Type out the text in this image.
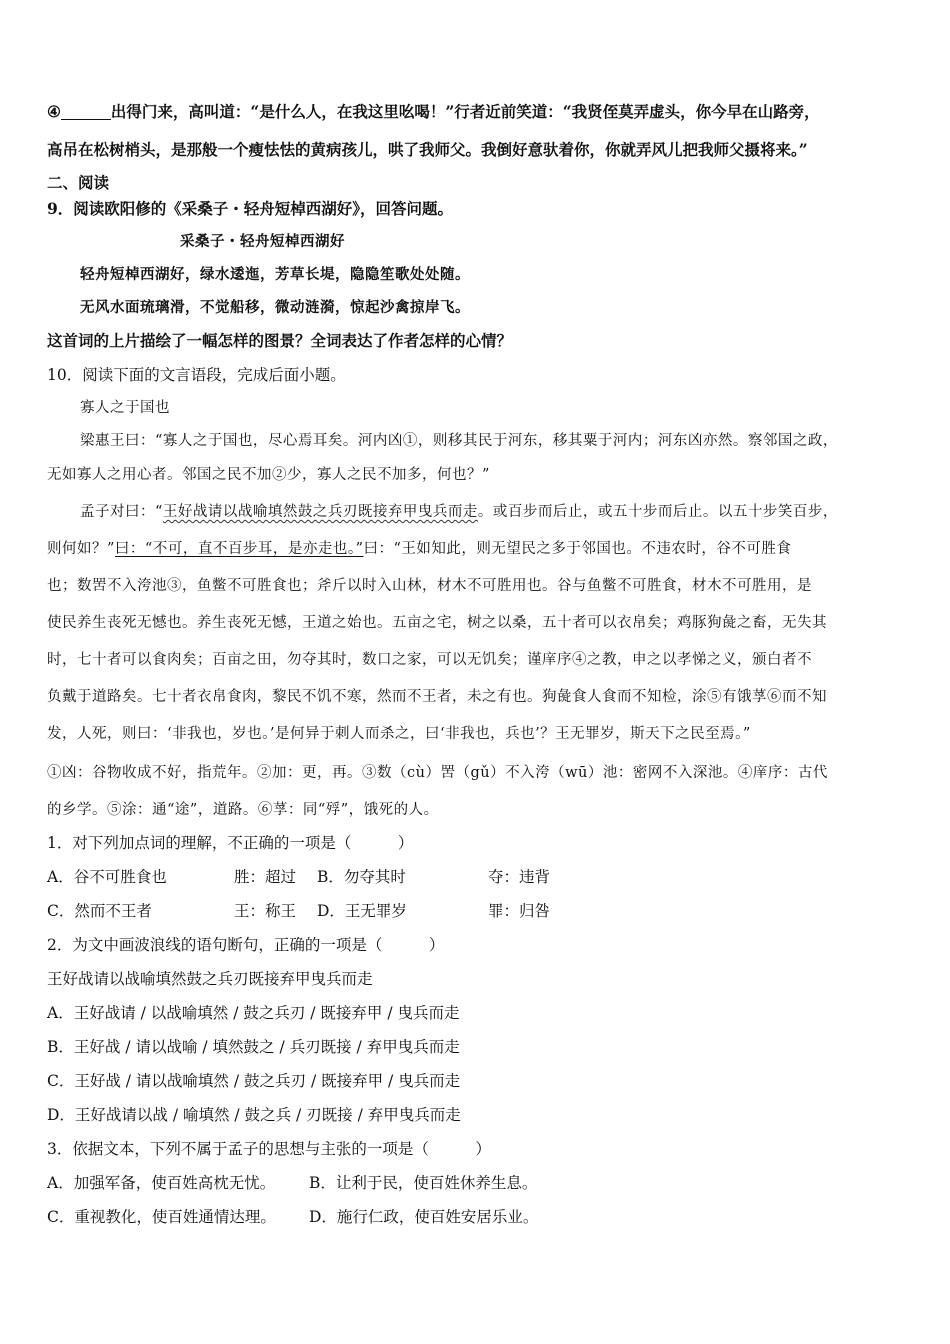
④	出得门来，高叫道：“是什么人，在我这里吆喝！”行者近前笑道：“我贤侄莫弄虚头，你今早在山路旁，
高吊在松树梢头，是那般一个瘦怯怯的黄病孩儿，哄了我师父。我倒好意驮着你，你就弄风儿把我师父摄将来。”
二、阅读
9．阅读欧阳修的《采桑子・轻舟短棹西湖好》，回答问题。
采桑子・轻舟短棹西湖好
轻舟短棹西湖好，绿水逶迤，芳草长堤，隐隐笙歌处处随。
无风水面琉璃滑，不觉船移，微动涟漪，惊起沙禽掠岸飞。
这首词的上片描绘了一幅怎样的图景？全词表达了作者怎样的心情？
10．阅读下面的文言语段，完成后面小题。
寡人之于国也
梁惠王曰：“寡人之于国也，尽心焉耳矣。河内凶①，则移其民于河东，移其粟于河内；河东凶亦然。察邻国之政，
无如寡人之用心者。邻国之民不加②少，寡人之民不加多，何也？”
孟子对曰：“王好战请以战喻填然鼓之兵刃既接弃甲曳兵而走。或百步而后止，或五十步而后止。以五十步笑百步，
则何如？”曰：“不可，直不百步耳，是亦走也。”曰：“王如知此，则无望民之多于邻国也。不违农时，谷不可胜食
也；数罟不入洿池③，鱼鳖不可胜食也；斧斤以时入山林，材木不可胜用也。谷与鱼鳖不可胜食，材木不可胜用，是
使民养生丧死无憾也。养生丧死无憾，王道之始也。五亩之宅，树之以桑，五十者可以衣帛矣；鸡豚狗彘之畜，无失其
时，七十者可以食肉矣；百亩之田，勿夺其时，数口之家，可以无饥矣；谨庠序④之教，申之以孝悌之义，颁白者不
负戴于道路矣。七十者衣帛食肉，黎民不饥不寒，然而不王者，未之有也。狗彘食人食而不知检，涂⑤有饿莩⑥而不知
发，人死，则曰：‘非我也，岁也。’是何异于刺人而杀之，曰‘非我也，兵也’？王无罪岁，斯天下之民至焉。”
①凶：谷物收成不好，指荒年。②加：更，再。③数（cù）罟（gǔ）不入洿（wū）池：密网不入深池。④庠序：古代
的乡学。⑤涂：通“途”，道路。⑥莩：同“殍”，饿死的人。
1．对下列加点词的理解，不正确的一项是（　　　）
A．谷不可胜食也	胜：超过 B．勿夺其时	夺：违背
C．然而不王者	王：称王 D．王无罪岁	罪：归咎
2．为文中画波浪线的语句断句，正确的一项是（　　　）
王好战请以战喻填然鼓之兵刃既接弃甲曳兵而走
A．王好战请 / 以战喻填然 / 鼓之兵刃 / 既接弃甲 / 曳兵而走
B．王好战 / 请以战喻 / 填然鼓之 / 兵刃既接 / 弃甲曳兵而走
C．王好战 / 请以战喻填然 / 鼓之兵刃 / 既接弃甲 / 曳兵而走
D．王好战请以战 / 喻填然 / 鼓之兵 / 刃既接 / 弃甲曳兵而走
3．依据文本，下列不属于孟子的思想与主张的一项是（　　　）
A．加强军备，使百姓高枕无忧。 B．让利于民，使百姓休养生息。
C．重视教化，使百姓通情达理。 D．施行仁政，使百姓安居乐业。
